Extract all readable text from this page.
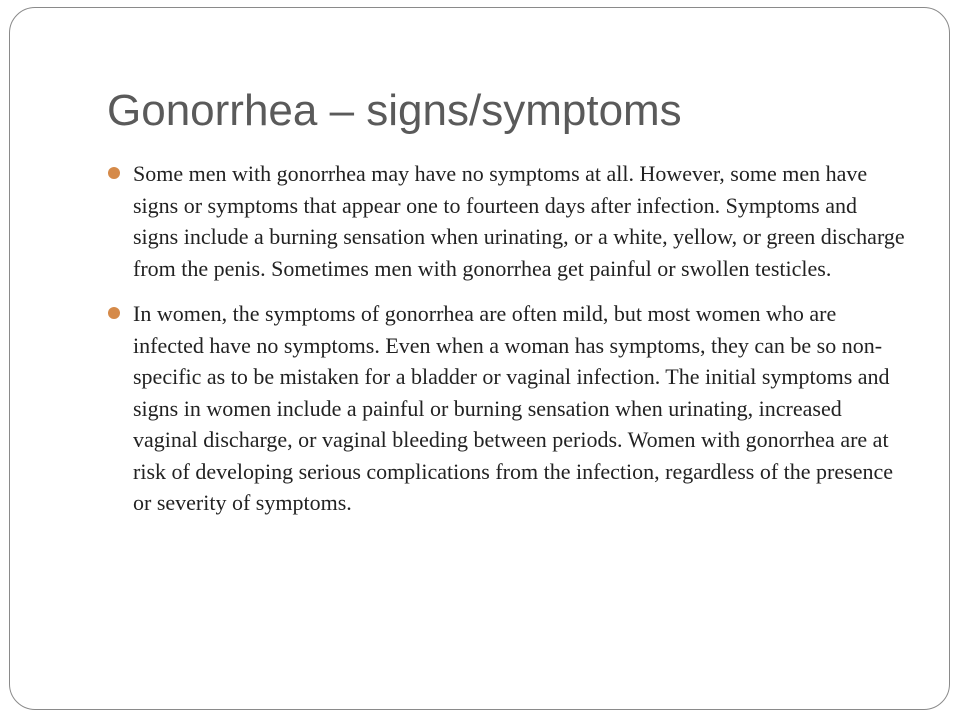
Gonorrhea – signs/symptoms
Some men with gonorrhea may have no symptoms at all. However, some men have signs or symptoms that appear one to fourteen days after infection. Symptoms and signs include a burning sensation when urinating, or a white, yellow, or green discharge from the penis. Sometimes men with gonorrhea get painful or swollen testicles.
In women, the symptoms of gonorrhea are often mild, but most women who are infected have no symptoms. Even when a woman has symptoms, they can be so non-specific as to be mistaken for a bladder or vaginal infection. The initial symptoms and signs in women include a painful or burning sensation when urinating, increased vaginal discharge, or vaginal bleeding between periods. Women with gonorrhea are at risk of developing serious complications from the infection, regardless of the presence or severity of symptoms.
